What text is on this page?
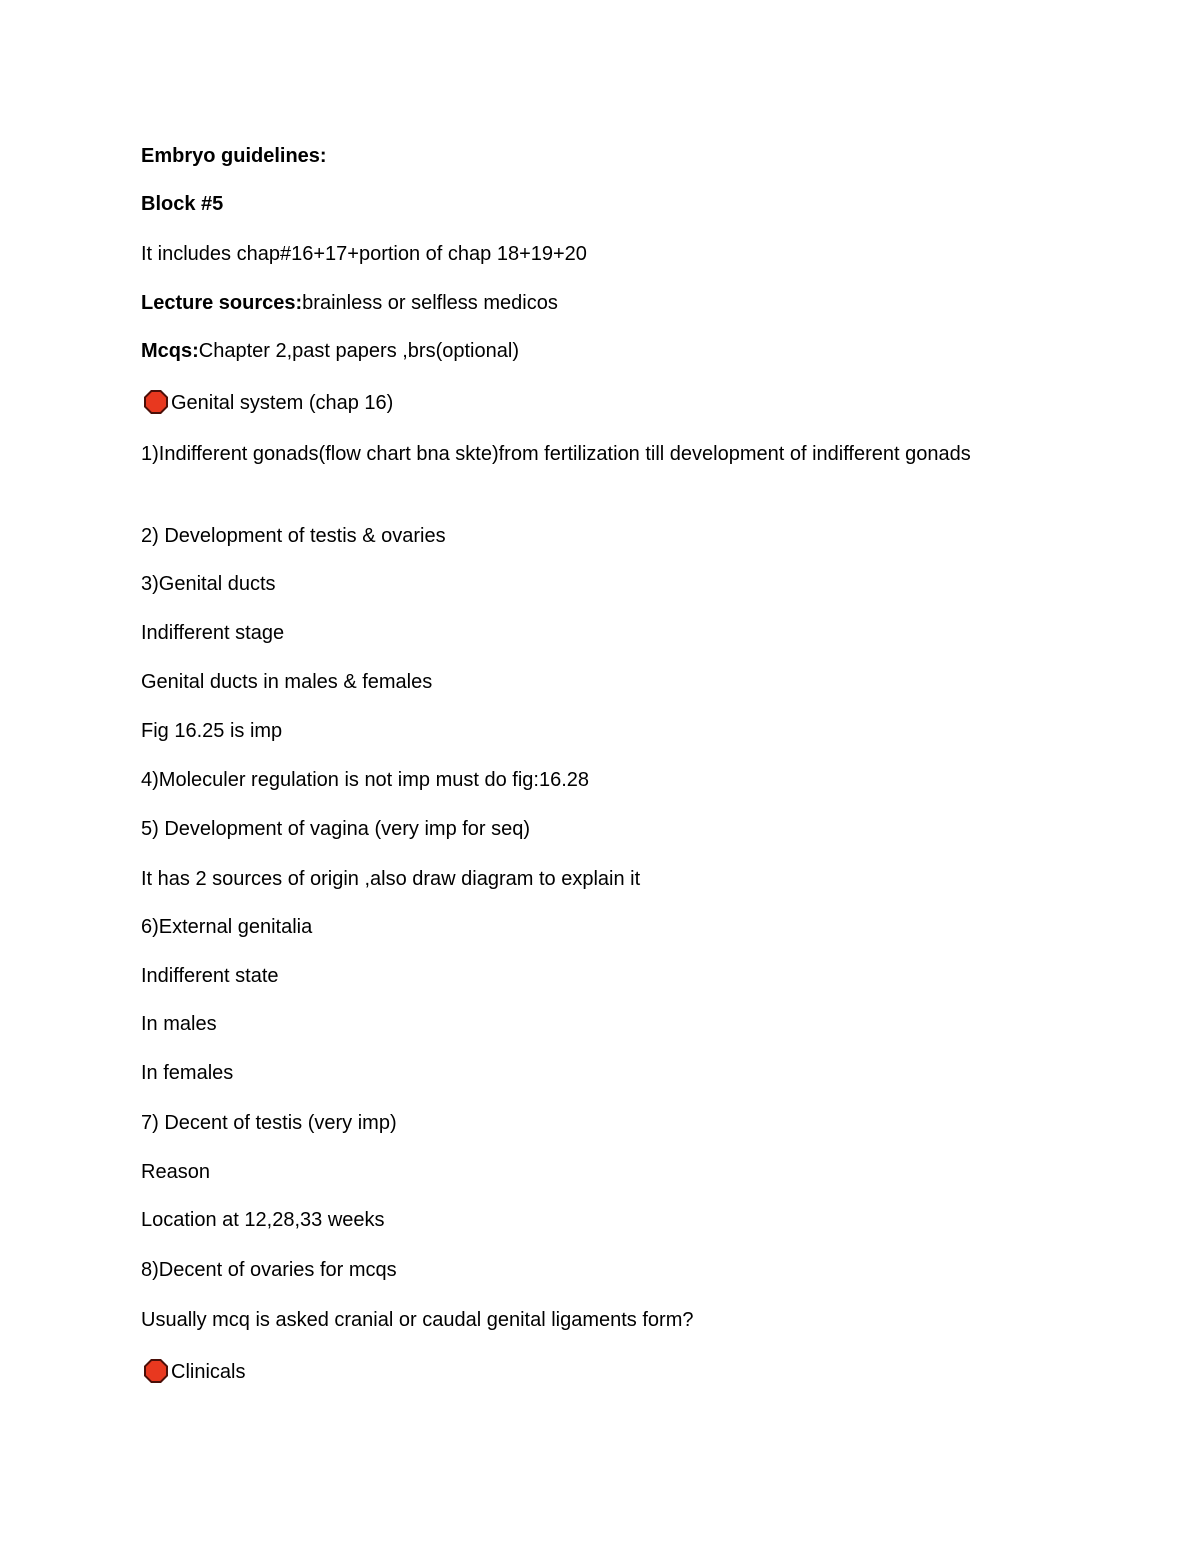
Embryo guidelines:
Block #5
It includes chap#16+17+portion of chap 18+19+20
Lecture sources:brainless or selfless medicos
Mcqs:Chapter 2,past papers ,brs(optional)
Genital system (chap 16)
1)Indifferent gonads(flow chart bna skte)from fertilization till development of indifferent gonads
2) Development of testis & ovaries
3)Genital ducts
Indifferent stage
Genital ducts in males & females
Fig 16.25 is imp
4)Moleculer regulation is not imp must do fig:16.28
5) Development of vagina (very imp for seq)
It has 2 sources of origin ,also draw diagram to explain it
6)External genitalia
Indifferent state
In males
In females
7) Decent of testis (very imp)
Reason
Location at 12,28,33 weeks
8)Decent of ovaries for mcqs
Usually mcq is asked cranial or caudal genital ligaments form?
Clinicals
